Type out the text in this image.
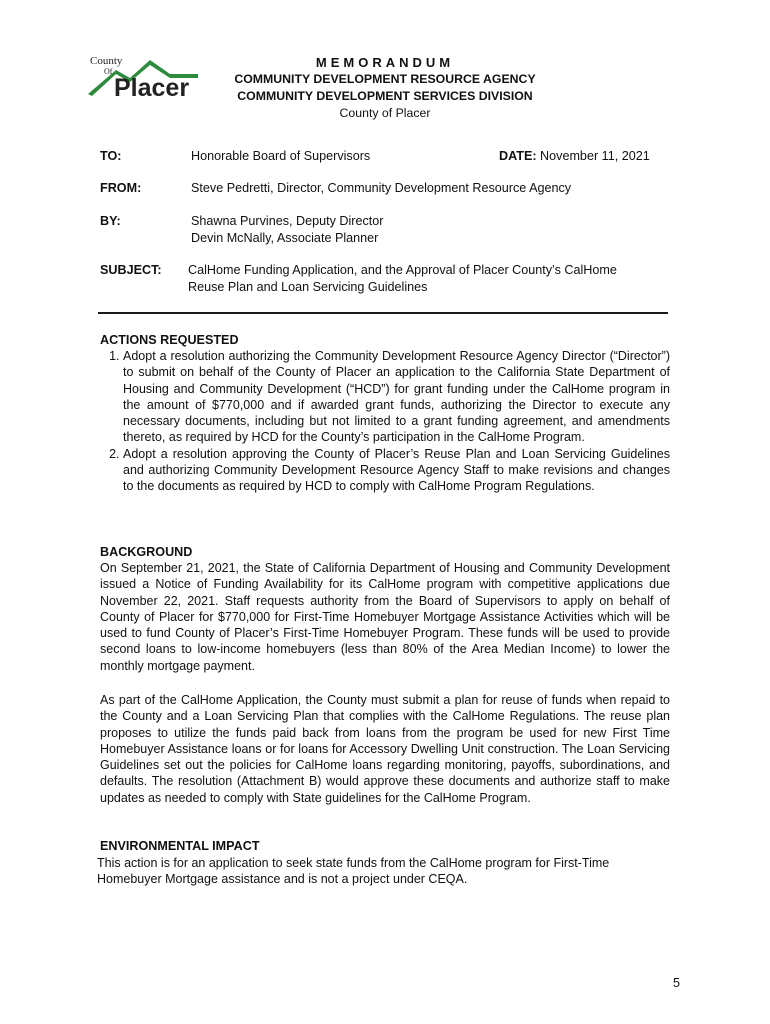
County
Of
Placer
MEMORANDUM
COMMUNITY DEVELOPMENT RESOURCE AGENCY
COMMUNITY DEVELOPMENT SERVICES DIVISION
County of Placer
TO:	Honorable Board of Supervisors	DATE: November 11, 2021
FROM:	Steve Pedretti, Director, Community Development Resource Agency
BY:	Shawna Purvines, Deputy Director
Devin McNally, Associate Planner
SUBJECT: CalHome Funding Application, and the Approval of Placer County’s CalHome
Reuse Plan and Loan Servicing Guidelines
ACTIONS REQUESTED
1. Adopt a resolution authorizing the Community Development Resource Agency Director (“Director”) to submit on behalf of the County of Placer an application to the California State Department of Housing and Community Development (“HCD”) for grant funding under the CalHome program in the amount of $770,000 and if awarded grant funds, authorizing the Director to execute any necessary documents, including but not limited to a grant funding agreement, and amendments thereto, as required by HCD for the County’s participation in the CalHome Program.
2. Adopt a resolution approving the County of Placer’s Reuse Plan and Loan Servicing Guidelines and authorizing Community Development Resource Agency Staff to make revisions and changes to the documents as required by HCD to comply with CalHome Program Regulations.
BACKGROUND

On September 21, 2021, the State of California Department of Housing and Community Development issued a Notice of Funding Availability for its CalHome program with competitive applications due November 22, 2021. Staff requests authority from the Board of Supervisors to apply on behalf of County of Placer for $770,000 for First-Time Homebuyer Mortgage Assistance Activities which will be used to fund County of Placer’s First-Time Homebuyer Program. These funds will be used to provide second loans to low-income homebuyers (less than 80% of the Area Median Income) to lower the monthly mortgage payment.

As part of the CalHome Application, the County must submit a plan for reuse of funds when repaid to the County and a Loan Servicing Plan that complies with the CalHome Regulations. The reuse plan proposes to utilize the funds paid back from loans from the program be used for new First Time Homebuyer Assistance loans or for loans for Accessory Dwelling Unit construction. The Loan Servicing Guidelines set out the policies for CalHome loans regarding monitoring, payoffs, subordinations, and defaults. The resolution (Attachment B) would approve these documents and authorize staff to make updates as needed to comply with State guidelines for the CalHome Program.

ENVIRONMENTAL IMPACT

This action is for an application to seek state funds from the CalHome program for First-Time Homebuyer Mortgage assistance and is not a project under CEQA.

5
